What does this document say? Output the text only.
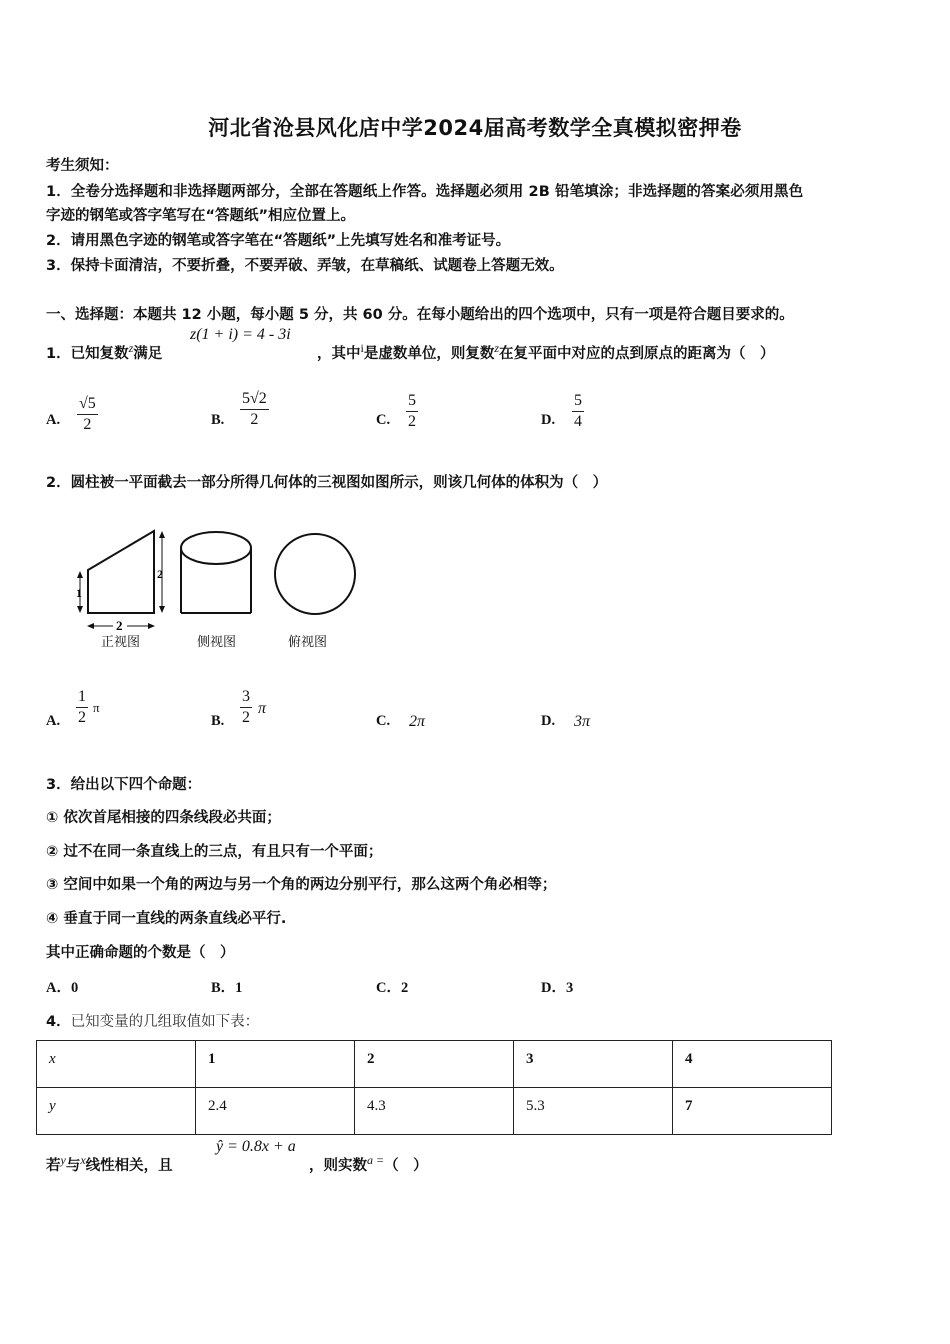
河北省沧县风化店中学2024届高考数学全真模拟密押卷
考生须知：
1．全卷分选择题和非选择题两部分，全部在答题纸上作答。选择题必须用 2B 铅笔填涂；非选择题的答案必须用黑色
字迹的钢笔或答字笔写在“答题纸”相应位置上。
2．请用黑色字迹的钢笔或答字笔在“答题纸”上先填写姓名和准考证号。
3．保持卡面清洁，不要折叠，不要弄破、弄皱，在草稿纸、试题卷上答题无效。
一、选择题：本题共 12 小题，每小题 5 分，共 60 分。在每小题给出的四个选项中，只有一项是符合题目要求的。
1．已知复数$^z$满足
z(1 + i) = 4 - 3i
，其中$^i$是虚数单位，则复数$^z$在复平面中对应的点到原点的距离为（　）
A. $\frac{√5}{2}$	B. $\frac{5√2}{2}$	C. $\frac{5}{2}$	D. $\frac{5}{4}$
2．圆柱被一平面截去一部分所得几何体的三视图如图所示，则该几何体的体积为（　）
1
2
2
正视图	侧视图	俯视图
A. $\frac{1}{2}$ π
B. $\frac{3}{2}$ π
C. 2π	D. 3π
3．给出以下四个命题：
① 依次首尾相接的四条线段必共面；
② 过不在同一条直线上的三点，有且只有一个平面；
③ 空间中如果一个角的两边与另一个角的两边分别平行，那么这两个角必相等；
④ 垂直于同一直线的两条直线必平行.
其中正确命题的个数是（　）
A．0	B．1	C．2	D．3
4．已知变量的几组取值如下表：
x	1	2	3	4
y	2.4	4.3	5.3	7
若$^y$与$^x$线性相关，且
ŷ = 0.8x + a
，则实数$^{a =}$（　）
